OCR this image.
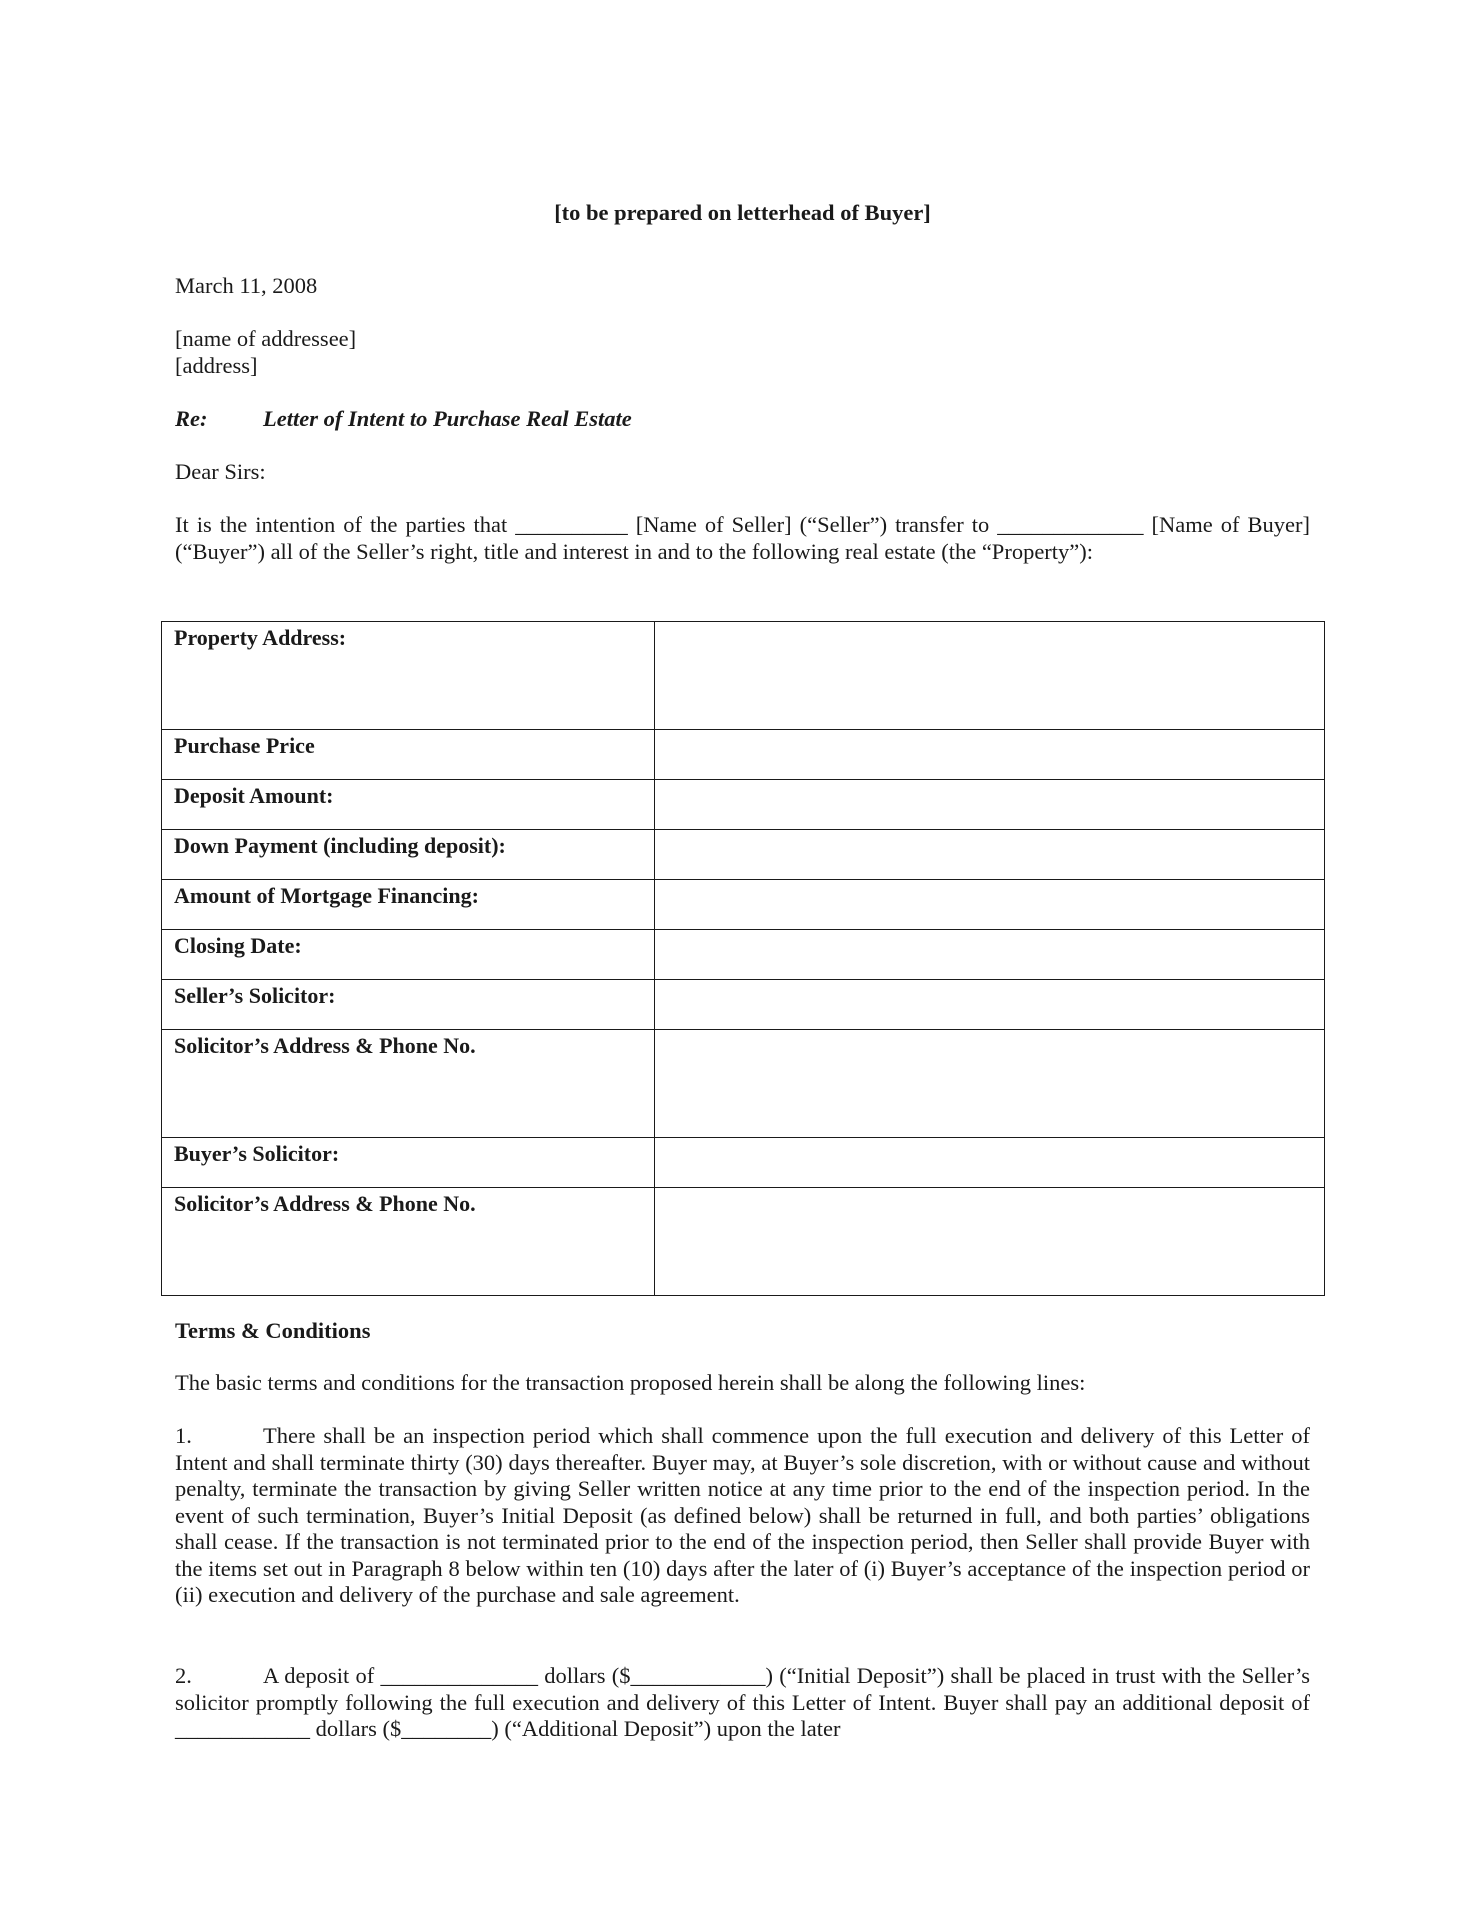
[to be prepared on letterhead of Buyer]
March 11, 2008
[name of addressee]
[address]
Re: Letter of Intent to Purchase Real Estate
Dear Sirs:
It is the intention of the parties that __________ [Name of Seller] (“Seller”) transfer to _____________ [Name of Buyer] (“Buyer”) all of the Seller’s right, title and interest in and to the following real estate (the “Property”):
Property Address:	
Purchase Price	
Deposit Amount:	
Down Payment (including deposit):	
Amount of Mortgage Financing:	
Closing Date:	
Seller’s Solicitor:	
Solicitor’s Address & Phone No.	
Buyer’s Solicitor:	
Solicitor’s Address & Phone No.	
Terms & Conditions
The basic terms and conditions for the transaction proposed herein shall be along the following lines:
1.	There shall be an inspection period which shall commence upon the full execution and delivery of this Letter of Intent and shall terminate thirty (30) days thereafter. Buyer may, at Buyer’s sole discretion, with or without cause and without penalty, terminate the transaction by giving Seller written notice at any time prior to the end of the inspection period. In the event of such termination, Buyer’s Initial Deposit (as defined below) shall be returned in full, and both parties’ obligations shall cease. If the transaction is not terminated prior to the end of the inspection period, then Seller shall provide Buyer with the items set out in Paragraph 8 below within ten (10) days after the later of (i) Buyer’s acceptance of the inspection period or (ii) execution and delivery of the purchase and sale agreement.
2.	A deposit of ______________ dollars ($____________) (“Initial Deposit”) shall be placed in trust with the Seller’s solicitor promptly following the full execution and delivery of this Letter of Intent. Buyer shall pay an additional deposit of ____________ dollars ($________) (“Additional Deposit”) upon the later
